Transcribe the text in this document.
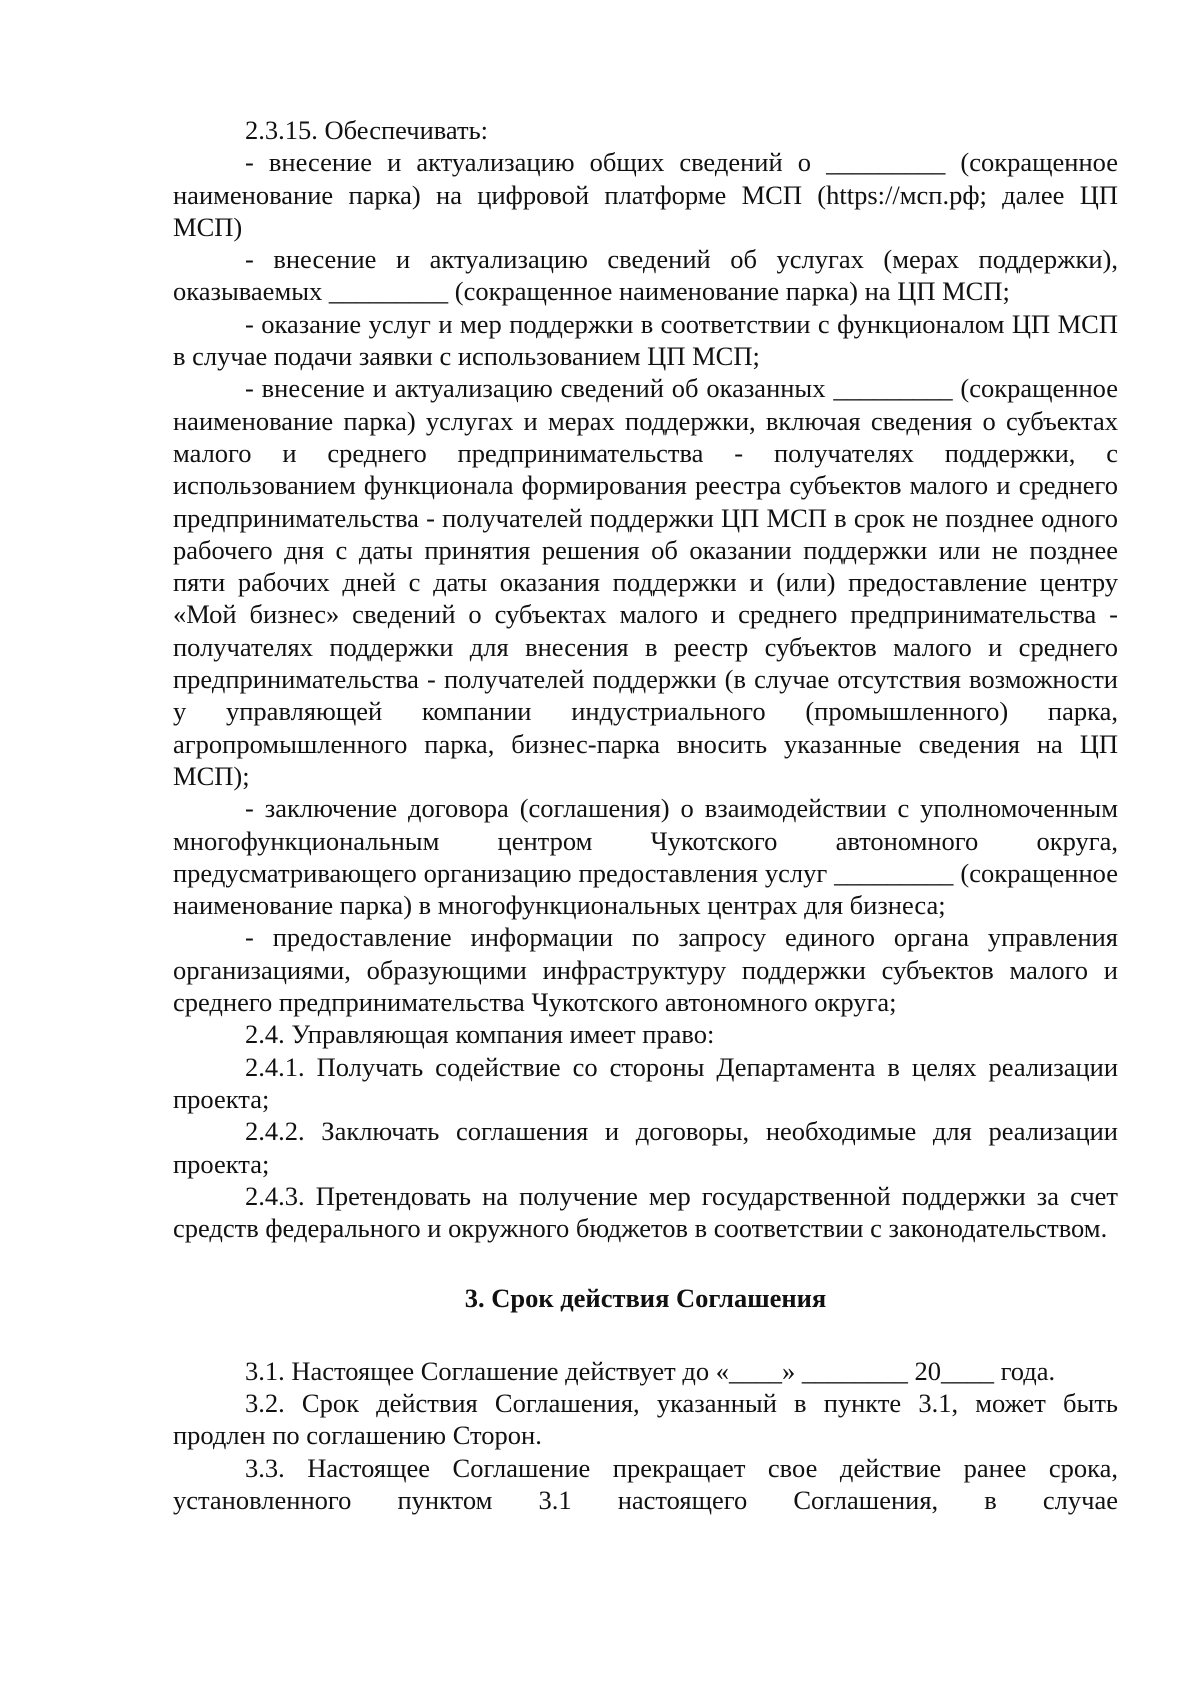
2.3.15. Обеспечивать:

- внесение и актуализацию общих сведений о _________ (сокращенное наименование парка) на цифровой платформе МСП (https://мсп.рф; далее ЦП МСП)

- внесение и актуализацию сведений об услугах (мерах поддержки), оказываемых _________ (сокращенное наименование парка) на ЦП МСП;

- оказание услуг и мер поддержки в соответствии с функционалом ЦП МСП в случае подачи заявки с использованием ЦП МСП;

- внесение и актуализацию сведений об оказанных _________ (сокращенное наименование парка) услугах и мерах поддержки, включая сведения о субъектах малого и среднего предпринимательства - получателях поддержки, с использованием функционала формирования реестра субъектов малого и среднего предпринимательства - получателей поддержки ЦП МСП в срок не позднее одного рабочего дня с даты принятия решения об оказании поддержки или не позднее пяти рабочих дней с даты оказания поддержки и (или) предоставление центру «Мой бизнес» сведений о субъектах малого и среднего предпринимательства - получателях поддержки для внесения в реестр субъектов малого и среднего предпринимательства - получателей поддержки (в случае отсутствия возможности у управляющей компании индустриального (промышленного) парка, агропромышленного парка, бизнес-парка вносить указанные сведения на ЦП МСП);

- заключение договора (соглашения) о взаимодействии с уполномоченным многофункциональным центром Чукотского автономного округа, предусматривающего организацию предоставления услуг _________ (сокращенное наименование парка) в многофункциональных центрах для бизнеса;

- предоставление информации по запросу единого органа управления организациями, образующими инфраструктуру поддержки субъектов малого и среднего предпринимательства Чукотского автономного округа;

2.4. Управляющая компания имеет право:

2.4.1. Получать содействие со стороны Департамента в целях реализации проекта;

2.4.2. Заключать соглашения и договоры, необходимые для реализации проекта;

2.4.3. Претендовать на получение мер государственной поддержки за счет средств федерального и окружного бюджетов в соответствии с законодательством.

3. Срок действия Соглашения

3.1. Настоящее Соглашение действует до «____» ________ 20____ года.

3.2. Срок действия Соглашения, указанный в пункте 3.1, может быть продлен по соглашению Сторон.

3.3. Настоящее Соглашение прекращает свое действие ранее срока, установленного пунктом 3.1 настоящего Соглашения, в случае
